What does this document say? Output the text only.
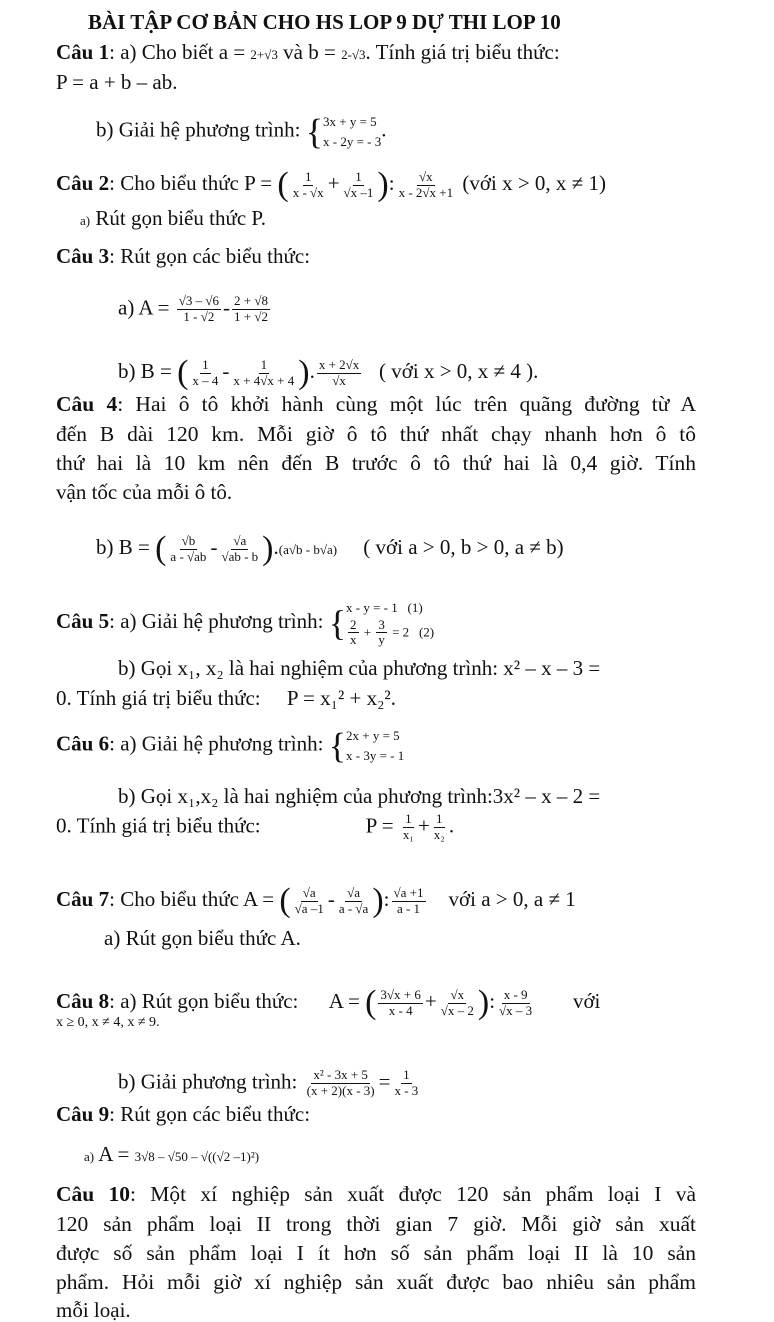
BÀI TẬP CƠ BẢN CHO HS LOP 9 DỰ THI LOP 10
Câu 1: a) Cho biết a = 2+√3 và b = 2-√3. Tính giá trị biểu thức:
P = a + b – ab.
b) Giải hệ phương trình: { 3x + y = 5
x - 2y = - 3 .
Câu 2: Cho biểu thức P = ( $\frac{1}{x - √x} + \frac{1}{√x -1}$ ): $\frac{√x}{x - 2√x +1}$ (với x > 0, x ≠ 1)
a) Rút gọn biểu thức P.
Câu 3: Rút gọn các biểu thức:
a) $A = \frac{√3 - √6}{1 - √2} - \frac{2 + √8}{1 + √2}$
b) B = ( $\frac{1}{x - 4} - \frac{1}{x + 4√x + 4}$ ). $\frac{x + 2√x}{√x}$ ( với x > 0, x ≠ 4 ).
Câu 4: Hai ô tô khởi hành cùng một lúc trên quãng đường từ A
đến B dài 120 km. Mỗi giờ ô tô thứ nhất chạy nhanh hơn ô tô
thứ hai là 10 km nên đến B trước ô tô thứ hai là 0,4 giờ. Tính
vận tốc của mỗi ô tô.
b) B = ( $\frac{√b}{a - √ab} - \frac{√a}{√ab - b} ).(a√b - b√a)$ ( với a > 0, b > 0, a ≠ b)
Câu 5: a) Giải hệ phương trình: { x - y = - 1 (1)
$\frac{2}{x} + \frac{3}{y} = 2$   (2)
b) Gọi x₁, x₂ là hai nghiệm của phương trình: x² – x – 3 =
0. Tính giá trị biểu thức: P = x₁² + x₂².
Câu 6: a) Giải hệ phương trình: { 2x + y = 5
x - 3y = - 1
b) Gọi x₁,x₂ là hai nghiệm của phương trình:3x² – x – 2 =
0. Tính giá trị biểu thức:	$P = \frac{1}{\text{x₁}} + \frac{1}{\text{x₂}}$ .
Câu 7: Cho biểu thức A = ( $\frac{√a}{√a -1} - \frac{√a}{a - √a}$ ): $\frac{√a +1}{a - 1}$ với a > 0, a ≠ 1
a) Rút gọn biểu thức A.
Câu 8: a) Rút gọn biểu thức: A = ( $\frac{3√x + 6}{x - 4} + \frac{√x}{√x - 2}$ ): $\frac{x - 9}{√x - 3}$ với
x ≥ 0, x ≠ 4, x ≠ 9.
b) Giải phương trình: $\frac{\text{x² - 3x + 5}}{(x + 2)(x - 3)} = \frac{1}{x - 3}$
Câu 9: Rút gọn các biểu thức:
a) A = 3√8 – √50 – √((√2 –1)²)
Câu 10: Một xí nghiệp sản xuất được 120 sản phẩm loại I và
120 sản phẩm loại II trong thời gian 7 giờ. Mỗi giờ sản xuất
được số sản phẩm loại I ít hơn số sản phẩm loại II là 10 sản
phẩm. Hỏi mỗi giờ xí nghiệp sản xuất được bao nhiêu sản phẩm
mỗi loại.
